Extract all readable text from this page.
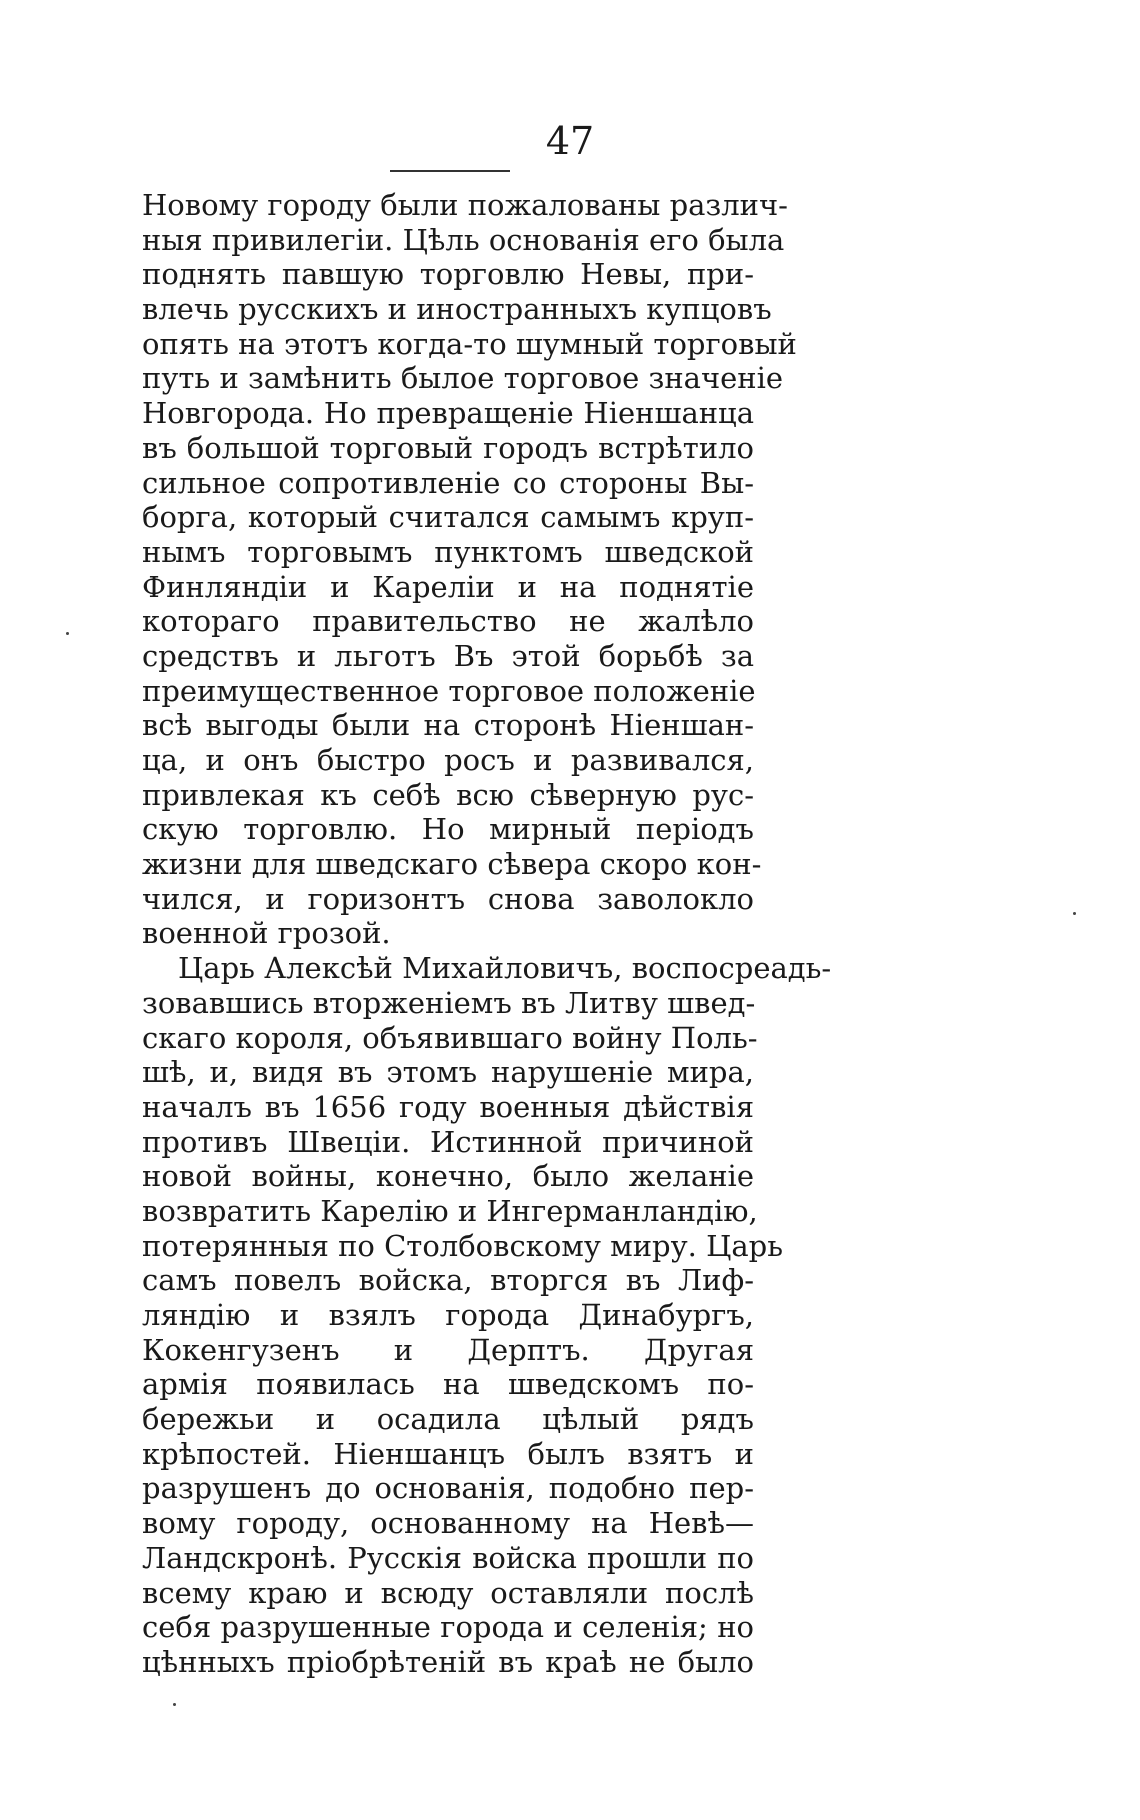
47
Новому городу были пожалованы различ-
ныя привилегіи. Цѣль основанія его была
поднять павшую торговлю Невы, при-
влечь русскихъ и иностранныхъ купцовъ
опять на этотъ когда-то шумный торговый
путь и замѣнить былое торговое значеніе
Новгорода. Но превращеніе Ніеншанца
въ большой торговый городъ встрѣтило
сильное сопротивленіе со стороны Вы-
борга, который считался самымъ круп-
нымъ торговымъ пунктомъ шведской
Финляндіи и Кареліи и на поднятіе
котораго правительство не жалѣло
средствъ и льготъ Въ этой борьбѣ за
преимущественное торговое положеніе
всѣ выгоды были на сторонѣ Ніеншан-
ца, и онъ быстро росъ и развивался,
привлекая къ себѣ всю сѣверную рус-
скую торговлю. Но мирный періодъ
жизни для шведскаго сѣвера скоро кон-
чился, и горизонтъ снова заволокло
военной грозой.
Царь Алексѣй Михайловичъ, воспосреадь-
зовавшись вторженіемъ въ Литву швед-
скаго короля, объявившаго войну Поль-
шѣ, и, видя въ этомъ нарушеніе мира,
началъ въ 1656 году военныя дѣйствія
противъ Швеціи. Истинной причиной
новой войны, конечно, было желаніе
возвратить Карелію и Ингерманландію,
потерянныя по Столбовскому миру. Царь
самъ повелъ войска, вторгся въ Лиф-
ляндію и взялъ города Динабургъ,
Кокенгузенъ и Дерптъ. Другая
армія появилась на шведскомъ по-
бережьи и осадила цѣлый рядъ
крѣпостей. Ніеншанцъ былъ взятъ и
разрушенъ до основанія, подобно пер-
вому городу, основанному на Невѣ—
Ландскронѣ. Русскія войска прошли по
всему краю и всюду оставляли послѣ
себя разрушенные города и селенія; но
цѣнныхъ пріобрѣтеній въ краѣ не было
